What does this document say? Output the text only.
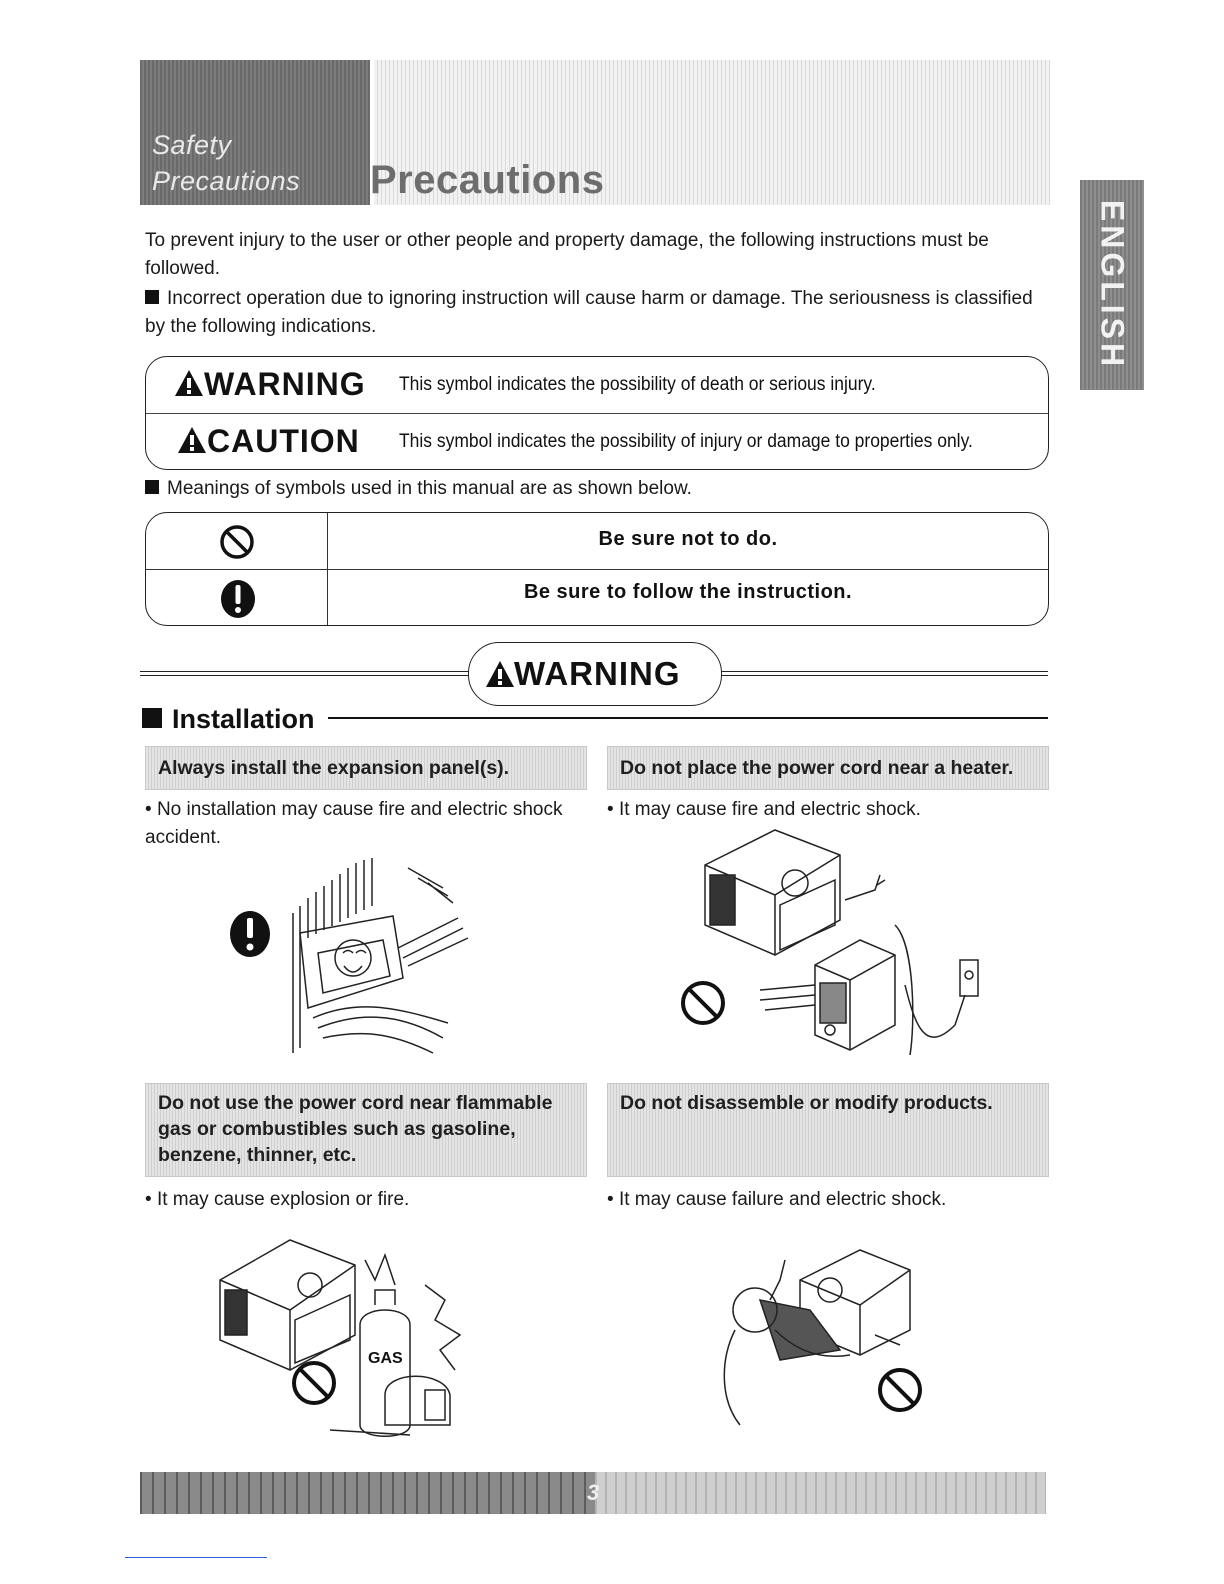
Safety
Precautions Precautions
ENGLISH
To prevent injury to the user or other people and property damage, the following instructions must be followed.
Incorrect operation due to ignoring instruction will cause harm or damage. The seriousness is classified by the following indications.
WARNING This symbol indicates the possibility of death or serious injury.
CAUTION This symbol indicates the possibility of injury or damage to properties only.
Meanings of symbols used in this manual are as shown below.
Be sure not to do.
Be sure to follow the instruction.
WARNING
Installation
Always install the expansion panel(s).
• No installation may cause fire and electric shock accident.
Do not place the power cord near a heater.
• It may cause fire and electric shock.
Do not use the power cord near flammable gas or combustibles such as gasoline, benzene, thinner, etc.
• It may cause explosion or fire.
GAS
Do not disassemble or modify products.
• It may cause failure and electric shock.
3
